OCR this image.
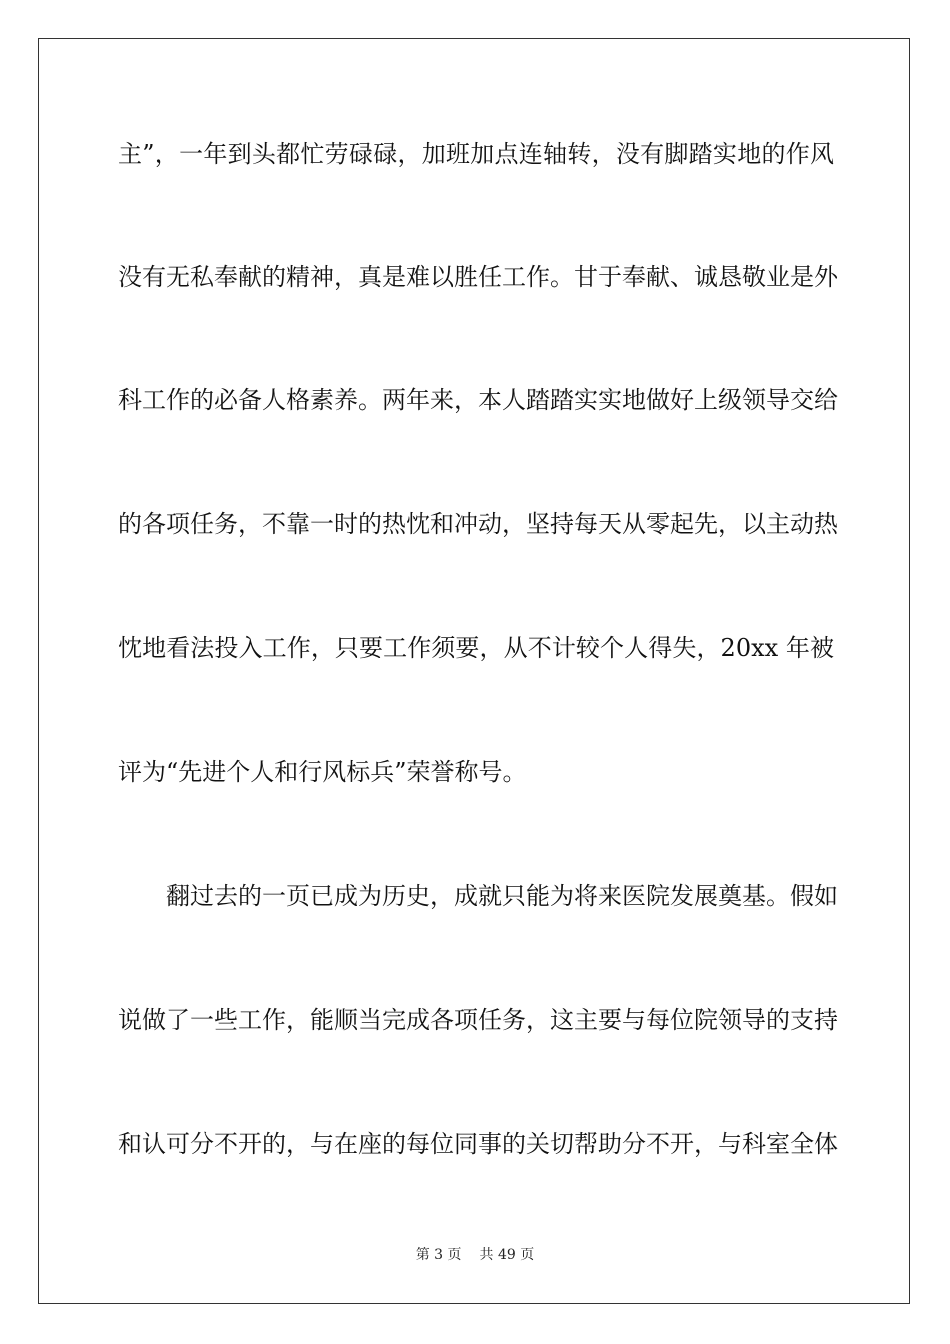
主”，一年到头都忙劳碌碌，加班加点连轴转，没有脚踏实地的作风
没有无私奉献的精神，真是难以胜任工作。甘于奉献、诚恳敬业是外
科工作的必备人格素养。两年来，本人踏踏实实地做好上级领导交给
的各项任务，不靠一时的热忱和冲动，坚持每天从零起先，以主动热
忱地看法投入工作，只要工作须要，从不计较个人得失，20xx 年被
评为“先进个人和行风标兵”荣誉称号。
翻过去的一页已成为历史，成就只能为将来医院发展奠基。假如
说做了一些工作，能顺当完成各项任务，这主要与每位院领导的支持
和认可分不开的，与在座的每位同事的关切帮助分不开，与科室全体
第 3 页 共 49 页
